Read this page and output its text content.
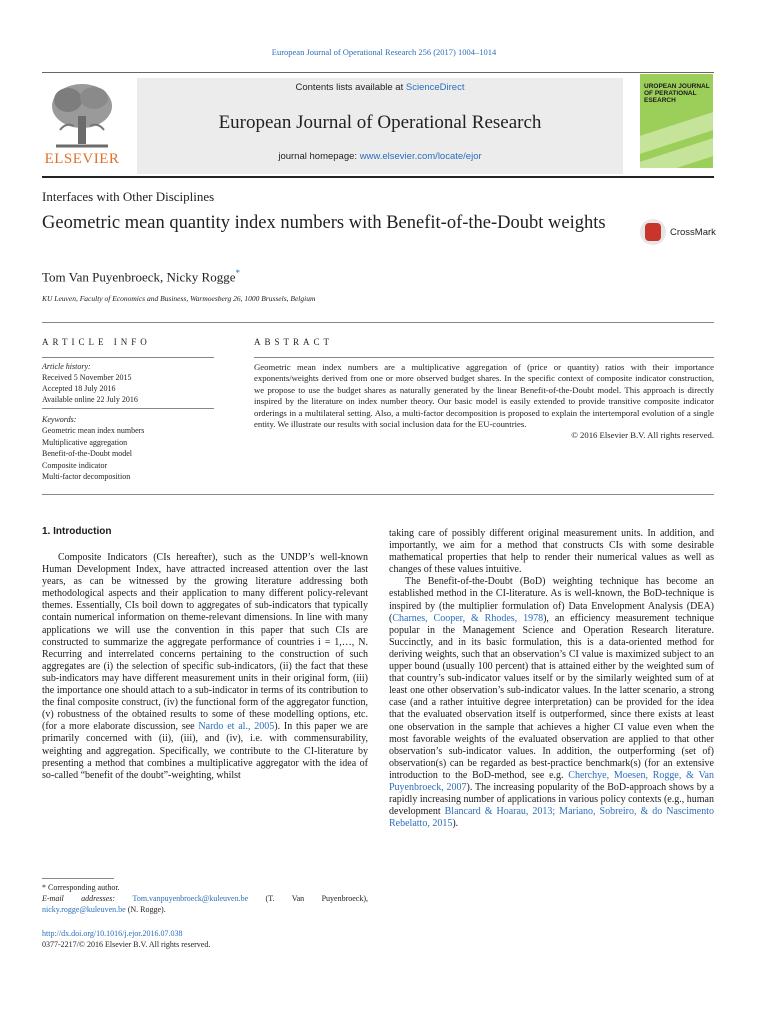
European Journal of Operational Research 256 (2017) 1004–1014
ELSEVIER
Contents lists available at ScienceDirect
European Journal of Operational Research
journal homepage: www.elsevier.com/locate/ejor
UROPEAN JOURNAL OF PERATIONAL ESEARCH
Interfaces with Other Disciplines
Geometric mean quantity index numbers with Benefit-of-the-Doubt weights	CrossMark
Tom Van Puyenbroeck, Nicky Rogge*
KU Leuven, Faculty of Economics and Business, Warmoesberg 26, 1000 Brussels, Belgium
ARTICLE INFO	ABSTRACT
Article history:
Received 5 November 2015
Accepted 18 July 2016
Available online 22 July 2016
Keywords:
Geometric mean index numbers
Multiplicative aggregation
Benefit-of-the-Doubt model
Composite indicator
Multi-factor decomposition
Geometric mean index numbers are a multiplicative aggregation of (price or quantity) ratios with their importance exponents/weights derived from one or more observed budget shares. In the specific context of composite indicator construction, we propose to use the budget shares as naturally generated by the linear Benefit-of-the-Doubt model. This approach is directly inspired by the literature on index number theory. Our basic model is easily extended to provide transitive composite indicator orderings in a multilateral setting. Also, a multi-factor decomposition is proposed to explain the intertemporal evolution of a single entity. We illustrate our results with social inclusion data for the EU-countries.
© 2016 Elsevier B.V. All rights reserved.
1. Introduction

Composite Indicators (CIs hereafter), such as the UNDP’s well-known Human Development Index, have attracted increased attention over the last years, as can be witnessed by the growing literature addressing both methodological aspects and their application to many different policy-relevant themes. Essentially, CIs boil down to aggregates of sub-indicators that typically contain numerical information on theme-relevant dimensions. In line with many applications we will use the convention in this paper that such CIs are constructed to summarize the aggregate performance of countries i = 1,…, N. Recurring and interrelated concerns pertaining to the construction of such aggregates are (i) the selection of specific sub-indicators, (ii) the fact that these sub-indicators may have different measurement units in their original form, (iii) the importance one should attach to a sub-indicator in terms of its contribution to the final composite construct, (iv) the functional form of the aggregator function, (v) robustness of the obtained results to some of these modelling options, etc. (for a more elaborate discussion, see Nardo et al., 2005). In this paper we are primarily concerned with (ii), (iii), and (iv), i.e. with commensurability, weighting and aggregation. Specifically, we contribute to the CI-literature by presenting a method that combines a multiplicative aggregator with the idea of so-called “benefit of the doubt”-weighting, whilst

taking care of possibly different original measurement units. In addition, and importantly, we aim for a method that constructs CIs with some desirable mathematical properties that help to render their numerical values as well as changes of these values intuitive.

The Benefit-of-the-Doubt (BoD) weighting technique has become an established method in the CI-literature. As is well-known, the BoD-technique is inspired by (the multiplier formulation of) Data Envelopment Analysis (DEA) (Charnes, Cooper, & Rhodes, 1978), an efficiency measurement technique popular in the Management Science and Operation Research literature. Succinctly, and in its basic formulation, this is a data-oriented method for deriving weights, such that an observation’s CI value is maximized subject to an upper bound (usually 100 percent) that is attained either by the weighted sum of that country’s sub-indicator values itself or by the similarly weighted sum of at least one other observation’s sub-indicator values. In the latter scenario, a strong case (and a rather intuitive degree interpretation) can be provided for the idea that the evaluated observation itself is outperformed, since there exists at least one observation in the sample that achieves a higher CI value even when the most favorable weights of the evaluated observation are applied to that other observation’s sub-indicator values. In addition, the outperforming (set of) observation(s) can be regarded as best-practice benchmark(s) (for an extensive introduction to the BoD-method, see e.g. Cherchye, Moesen, Rogge, & Van Puyenbroeck, 2007). The increasing popularity of the BoD-approach shows by a rapidly increasing number of applications in various policy contexts (e.g., human development Blancard & Hoarau, 2013; Mariano, Sobreiro, & do Nascimento Rebelatto, 2015).

* Corresponding author.
E-mail addresses: Tom.vanpuyenbroeck@kuleuven.be (T. Van Puyenbroeck), nicky.rogge@kuleuven.be (N. Rogge).
http://dx.doi.org/10.1016/j.ejor.2016.07.038
0377-2217/© 2016 Elsevier B.V. All rights reserved.
